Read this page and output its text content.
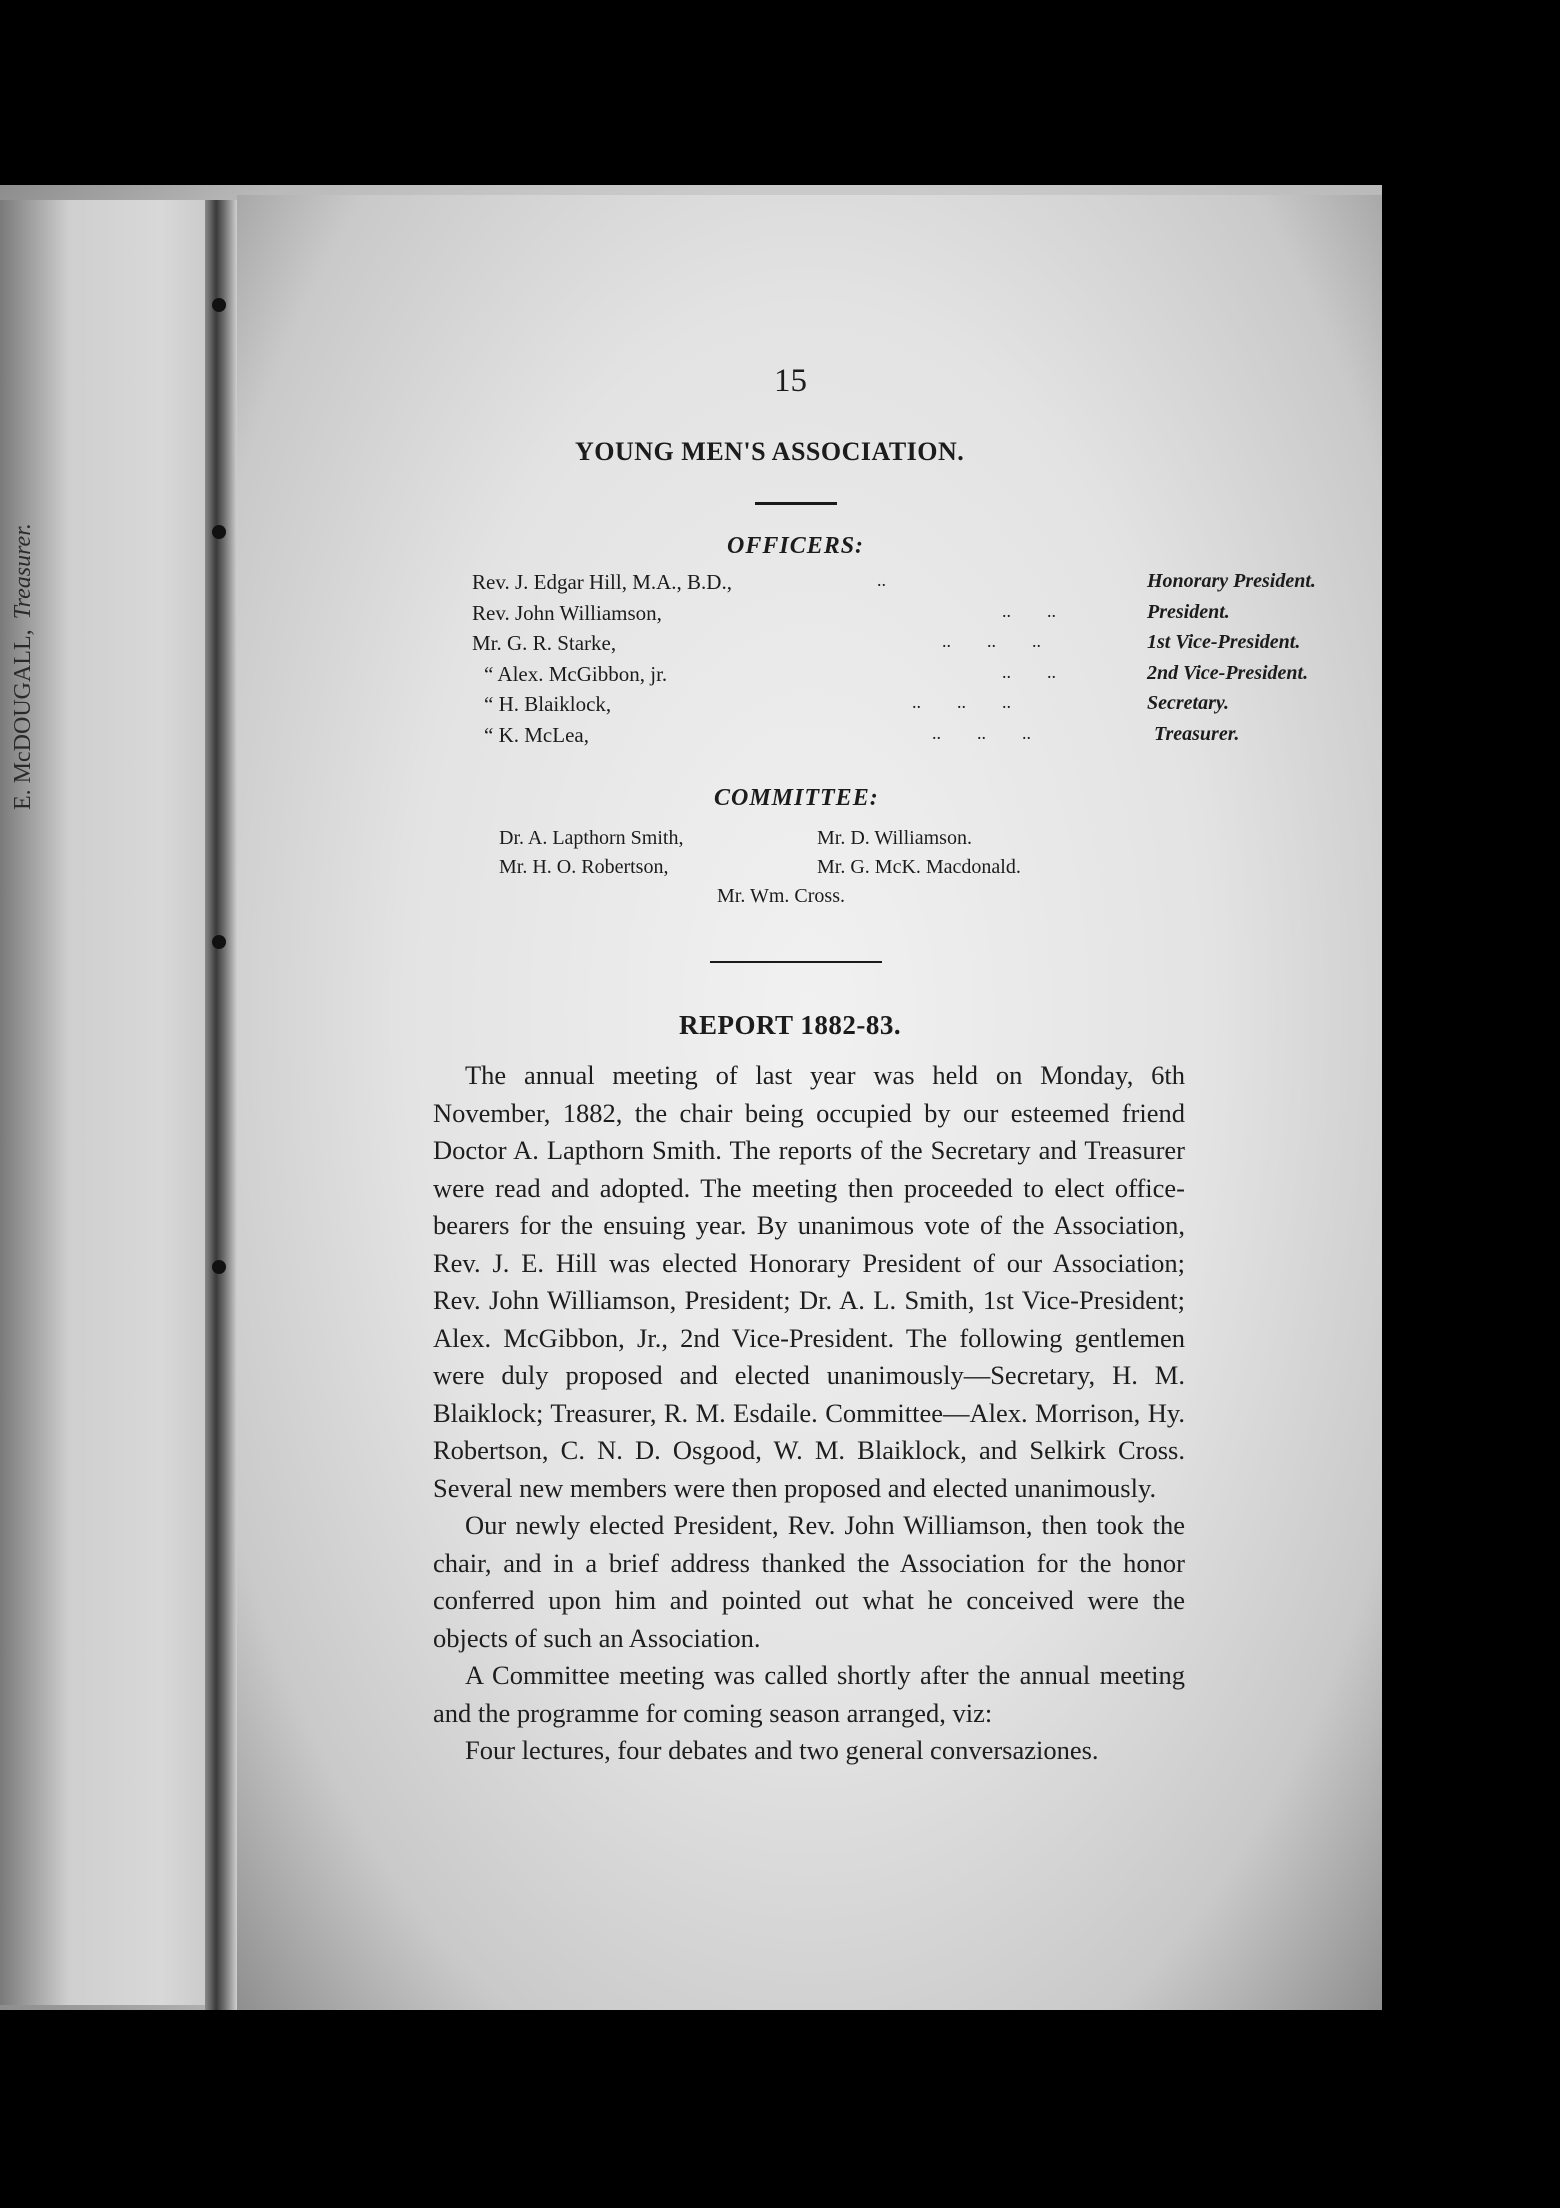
E. McDOUGALL,
Treasurer.
15
YOUNG MEN'S ASSOCIATION.
OFFICERS:
Rev. J. Edgar Hill, M.A., B.D.,	..	Honorary President.
Rev. John Williamson,	..        ..	President.
Mr. G. R. Starke,	..        ..        ..	1st Vice-President.
“ Alex. McGibbon, jr.	..        ..	2nd Vice-President.
“ H. Blaiklock,	..        ..        ..	Secretary.
“ K. McLea,	..        ..        ..	Treasurer.
COMMITTEE:
Dr. A. Lapthorn Smith,	Mr. D. Williamson.
Mr. H. O. Robertson,	Mr. G. McK. Macdonald.
Mr. Wm. Cross.
REPORT 1882-83.

The annual meeting of last year was held on Monday, 6th November, 1882, the chair being occupied by our esteemed friend Doctor A. Lapthorn Smith. The reports of the Secretary and Treasurer were read and adopted. The meeting then proceeded to elect office-bearers for the ensuing year. By unanimous vote of the Association, Rev. J. E. Hill was elected Honorary President of our Association; Rev. John Williamson, President; Dr. A. L. Smith, 1st Vice-President; Alex. McGibbon, Jr., 2nd Vice-President. The following gentlemen were duly proposed and elected unanimously—Secretary, H. M. Blaiklock; Treasurer, R. M. Esdaile. Committee—Alex. Morrison, Hy. Robertson, C. N. D. Osgood, W. M. Blaiklock, and Selkirk Cross. Several new members were then proposed and elected unanimously.

Our newly elected President, Rev. John Williamson, then took the chair, and in a brief address thanked the Association for the honor conferred upon him and pointed out what he conceived were the objects of such an Association.

A Committee meeting was called shortly after the annual meeting and the programme for coming season arranged, viz:

Four lectures, four debates and two general conversaziones.
